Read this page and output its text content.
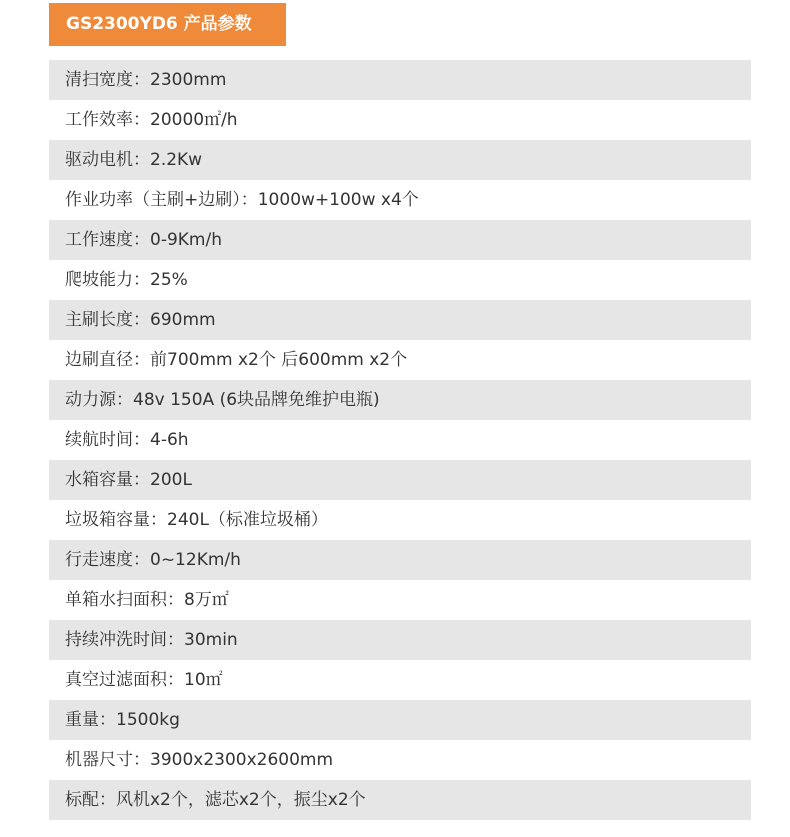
GS2300YD6 产品参数
清扫宽度：2300mm
工作效率：20000㎡/h
驱动电机：2.2Kw
作业功率（主刷+边刷）：1000w+100w x4个
工作速度：0-9Km/h
爬坡能力：25%
主刷长度：690mm
边刷直径：前700mm x2个 后600mm x2个
动力源：48v 150A (6块品牌免维护电瓶)
续航时间：4-6h
水箱容量：200L
垃圾箱容量：240L（标准垃圾桶）
行走速度：0~12Km/h
单箱水扫面积：8万㎡
持续冲洗时间：30min
真空过滤面积：10㎡
重量：1500kg
机器尺寸：3900x2300x2600mm
标配：风机x2个，滤芯x2个，振尘x2个
